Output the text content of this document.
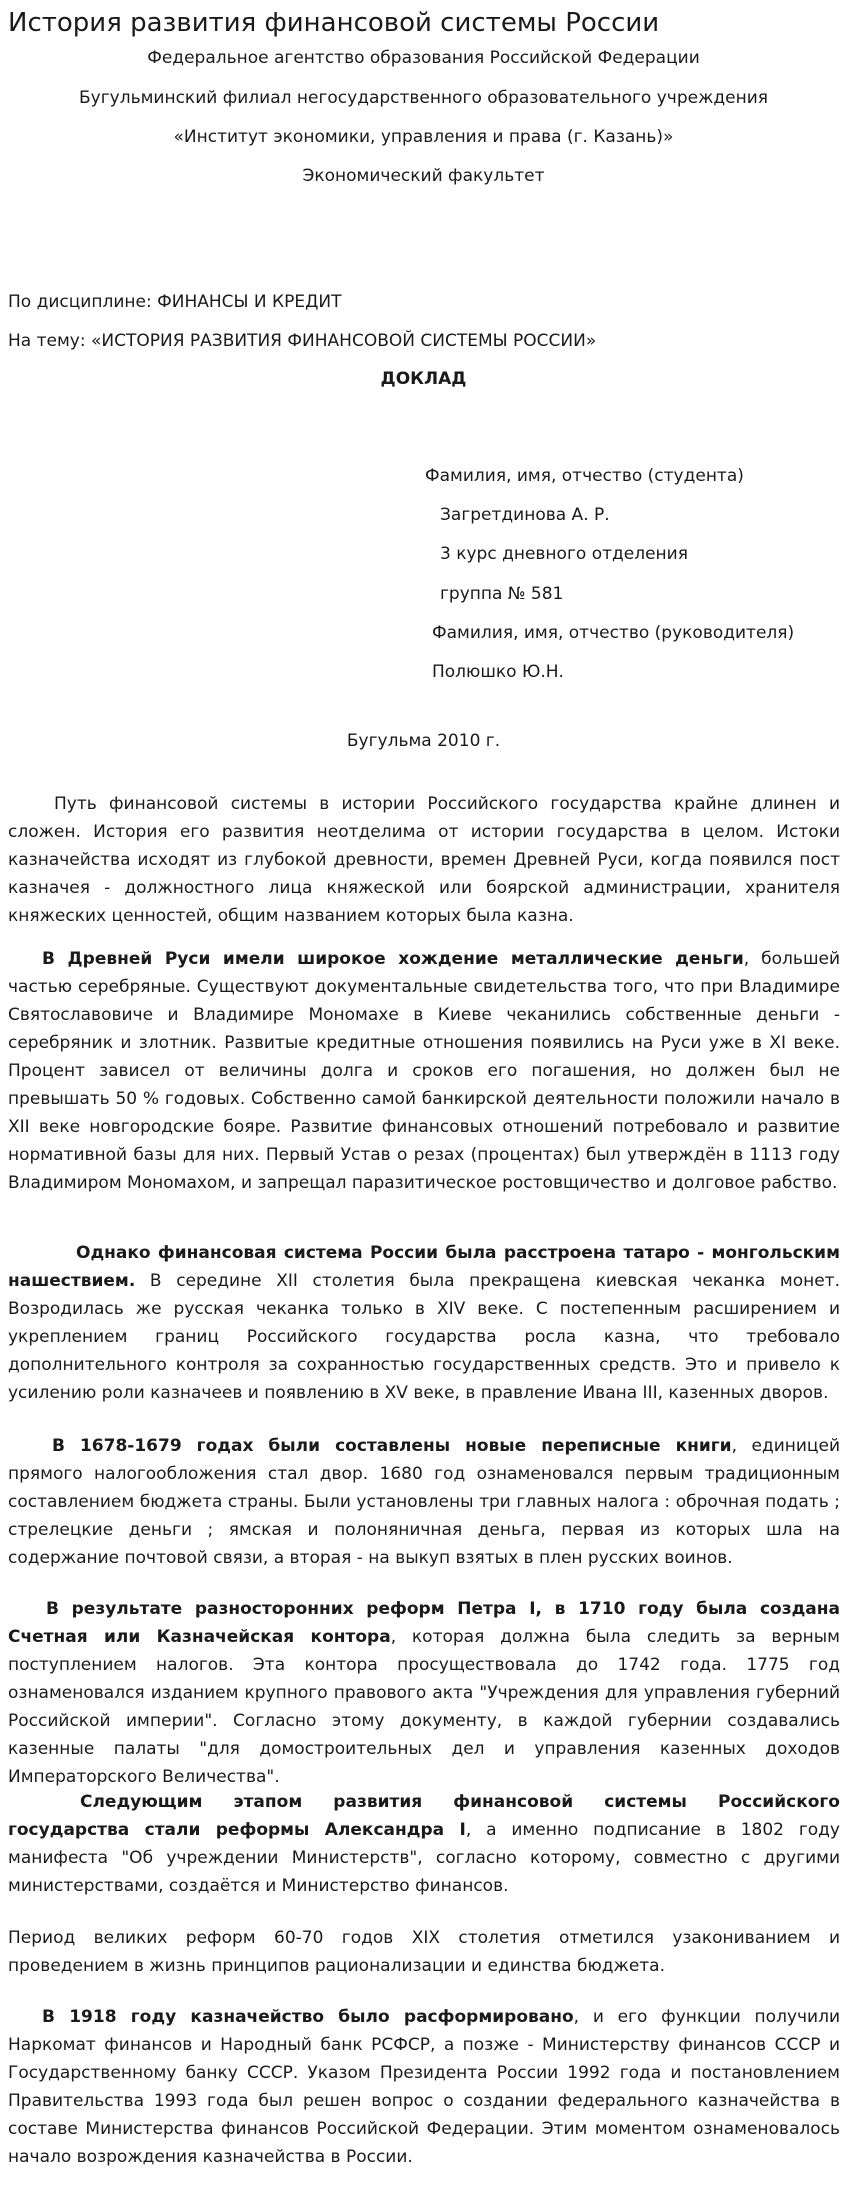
История развития финансовой системы России
Федеральное агентство образования Российской Федерации
Бугульминский филиал негосударственного образовательного учреждения
«Институт экономики, управления и права (г. Казань)»
Экономический факультет
По дисциплине: ФИНАНСЫ И КРЕДИТ
На тему: «ИСТОРИЯ РАЗВИТИЯ ФИНАНСОВОЙ СИСТЕМЫ РОССИИ»
ДОКЛАД
Фамилия, имя, отчество (студента)
Загретдинова А. Р.
3 курс дневного отделения
группа № 581
Фамилия, имя, отчество (руководителя)
Полюшко Ю.Н.
Бугульма 2010 г.

Путь финансовой системы в истории Российского государства крайне длинен и сложен. История его развития неотделима от истории государства в целом. Истоки казначейства исходят из глубокой древности, времен Древней Руси, когда появился пост казначея - должностного лица княжеской или боярской администрации, хранителя княжеских ценностей, общим названием которых была казна.

В Древней Руси имели широкое хождение металлические деньги, большей частью серебряные. Существуют документальные свидетельства того, что при Владимире Святославовиче и Владимире Мономахе в Киеве чеканились собственные деньги - серебряник и злотник. Развитые кредитные отношения появились на Руси уже в XI веке. Процент зависел от величины долга и сроков его погашения, но должен был не превышать 50 % годовых. Собственно самой банкирской деятельности положили начало в XII веке новгородские бояре. Развитие финансовых отношений потребовало и развитие нормативной базы для них. Первый Устав о резах (процентах) был утверждён в 1113 году Владимиром Мономахом, и запрещал паразитическое ростовщичество и долговое рабство.

Однако финансовая система России была расстроена татаро - монгольским нашествием. В середине XII столетия была прекращена киевская чеканка монет. Возродилась же русская чеканка только в XIV веке. С постепенным расширением и укреплением границ Российского государства росла казна, что требовало дополнительного контроля за сохранностью государственных средств. Это и привело к усилению роли казначеев и появлению в XV веке, в правление Ивана III, казенных дворов.

В 1678-1679 годах были составлены новые переписные книги, единицей прямого налогообложения стал двор. 1680 год ознаменовался первым традиционным составлением бюджета страны. Были установлены три главных налога : оброчная подать ; стрелецкие деньги ; ямская и полоняничная деньга, первая из которых шла на содержание почтовой связи, а вторая - на выкуп взятых в плен русских воинов.

В результате разносторонних реформ Петра I, в 1710 году была создана Счетная или Казначейская контора, которая должна была следить за верным поступлением налогов. Эта контора просуществовала до 1742 года. 1775 год ознаменовался изданием крупного правового акта "Учреждения для управления губерний Российской империи". Согласно этому документу, в каждой губернии создавались казенные палаты "для домостроительных дел и управления казенных доходов Императорского Величества".

Следующим этапом развития финансовой системы Российского государства стали реформы Александра I, а именно подписание в 1802 году манифеста "Об учреждении Министерств", согласно которому, совместно с другими министерствами, создаётся и Министерство финансов.

Период великих реформ 60-70 годов XIX столетия отметился узакониванием и проведением в жизнь принципов рационализации и единства бюджета.

В 1918 году казначейство было расформировано, и его функции получили Наркомат финансов и Народный банк РСФСР, а позже - Министерству финансов СССР и Государственному банку СССР. Указом Президента России 1992 года и постановлением Правительства 1993 года был решен вопрос о создании федерального казначейства в составе Министерства финансов Российской Федерации. Этим моментом ознаменовалось начало возрождения казначейства в России.
